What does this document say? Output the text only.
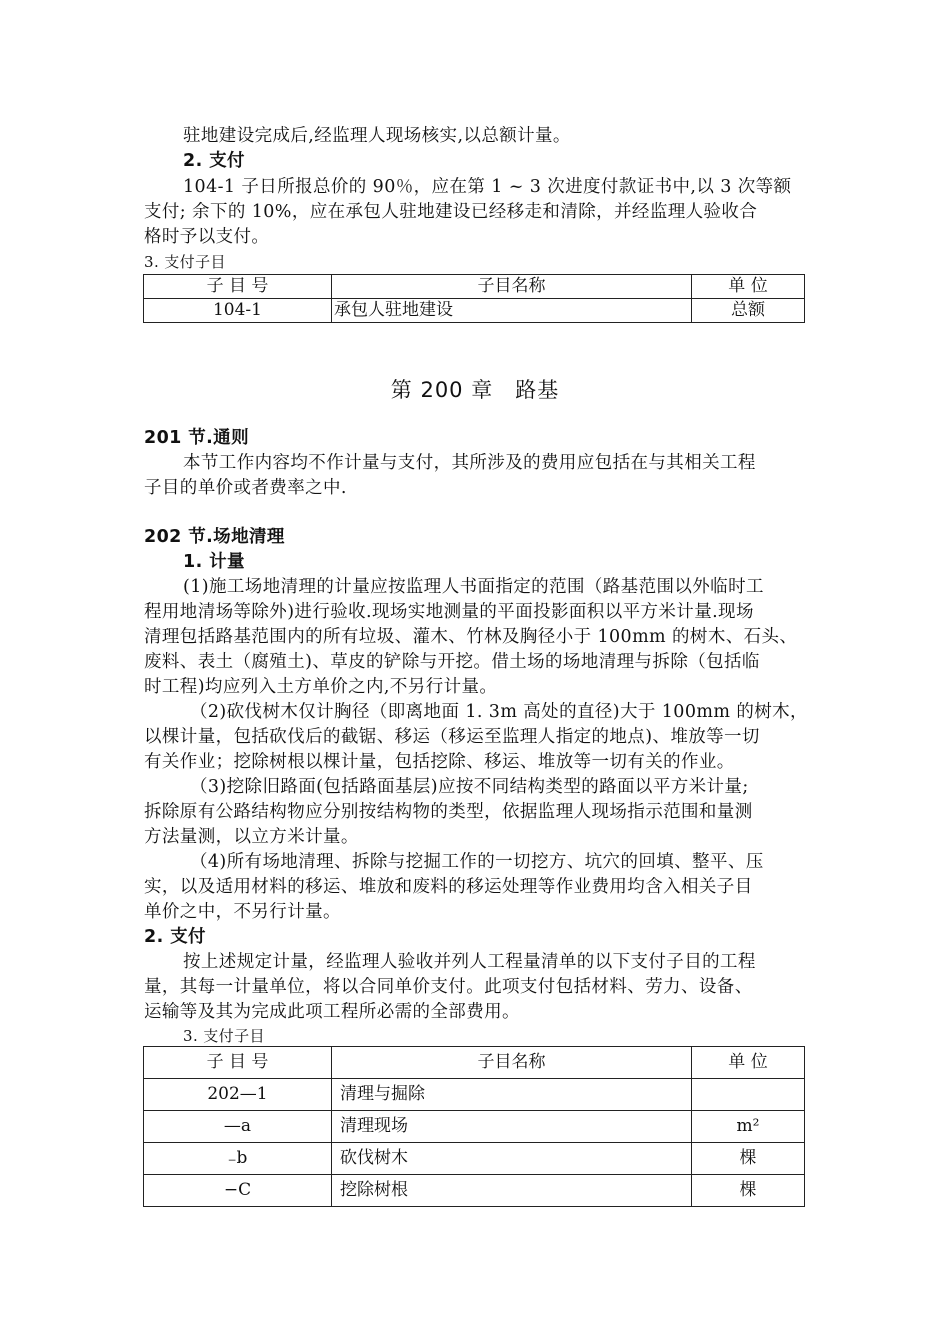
驻地建设完成后,经监理人现场核实,以总额计量。
2. 支付
104-1 子日所报总价的 90％，应在第 1 ~ 3 次进度付款证书中,以 3 次等额
支付; 余下的 10%，应在承包人驻地建设已经移走和清除，并经监理人验收合
格时予以支付。
3. 支付子目
子 目 号	子目名称	单 位
104-1	承包人驻地建设	总额
第 200 章　路基
201 节.通则
本节工作内容均不作计量与支付，其所涉及的费用应包括在与其相关工程
子目的单价或者费率之中.
202 节.场地清理
1. 计量
(1)施工场地清理的计量应按监理人书面指定的范围（路基范围以外临时工
程用地清场等除外)进行验收.现场实地测量的平面投影面积以平方米计量.现场
清理包括路基范围内的所有垃圾、灌木、竹林及胸径小于 100mm 的树木、石头、
废料、表土（腐殖土)、草皮的铲除与开挖。借土场的场地清理与拆除（包括临
时工程)均应列入土方单价之内,不另行计量。
（2)砍伐树木仅计胸径（即离地面 1. 3m 高处的直径)大于 100mm 的树木，
以棵计量，包括砍伐后的截锯、移运（移运至监理人指定的地点)、堆放等一切
有关作业；挖除树根以棵计量，包括挖除、移运、堆放等一切有关的作业。
（3)挖除旧路面(包括路面基层)应按不同结构类型的路面以平方米计量;
拆除原有公路结构物应分别按结构物的类型，依据监理人现场指示范围和量测
方法量测，以立方米计量。
（4)所有场地清理、拆除与挖掘工作的一切挖方、坑穴的回填、整平、压
实，以及适用材料的移运、堆放和废料的移运处理等作业费用均含入相关子目
单价之中，不另行计量。
2. 支付
按上述规定计量，经监理人验收并列人工程量清单的以下支付子目的工程
量，其每一计量单位，将以合同单价支付。此项支付包括材料、劳力、设备、
运输等及其为完成此项工程所必需的全部费用。
3. 支付子目
子 目 号	子目名称	单 位
202—1	清理与掘除	
—a	清理现场	m²
₋b	砍伐树木	棵
−C	挖除树根	棵
